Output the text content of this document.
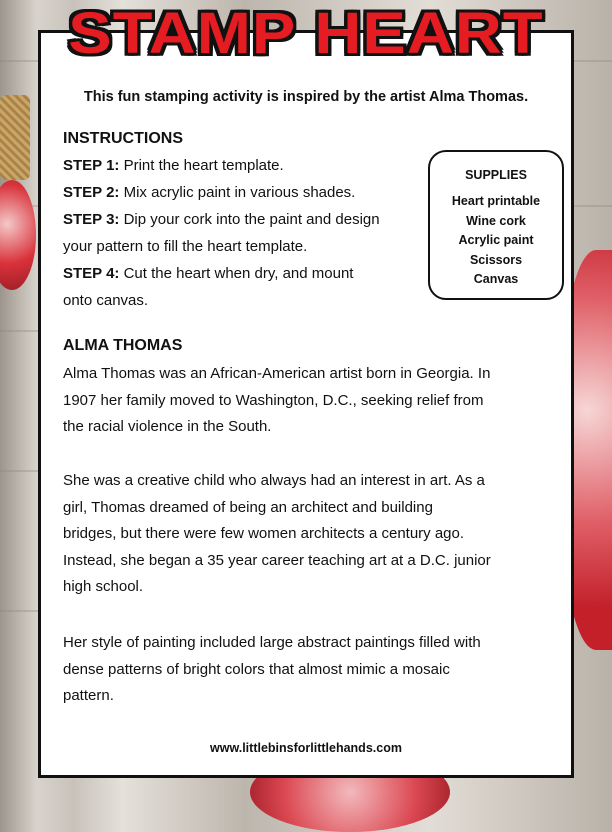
STAMP HEART
This fun stamping activity is inspired by the artist Alma Thomas.
INSTRUCTIONS
STEP 1: Print the heart template.
STEP 2: Mix acrylic paint in various shades.
STEP 3: Dip your cork into the paint and design
your pattern to fill the heart template.
STEP 4: Cut the heart when dry, and mount
onto canvas.
SUPPLIES
Heart printable
Wine cork
Acrylic paint
Scissors
Canvas
ALMA THOMAS
Alma Thomas was an African-American artist born in Georgia. In
1907 her family moved to Washington, D.C., seeking relief from
the racial violence in the South.
She was a creative child who always had an interest in art. As a
girl, Thomas dreamed of being an architect and building
bridges, but there were few women architects a century ago.
Instead, she began a 35 year career teaching art at a D.C. junior
high school.
Her style of painting included large abstract paintings filled with
dense patterns of bright colors that almost mimic a mosaic
pattern.
www.littlebinsforlittlehands.com
